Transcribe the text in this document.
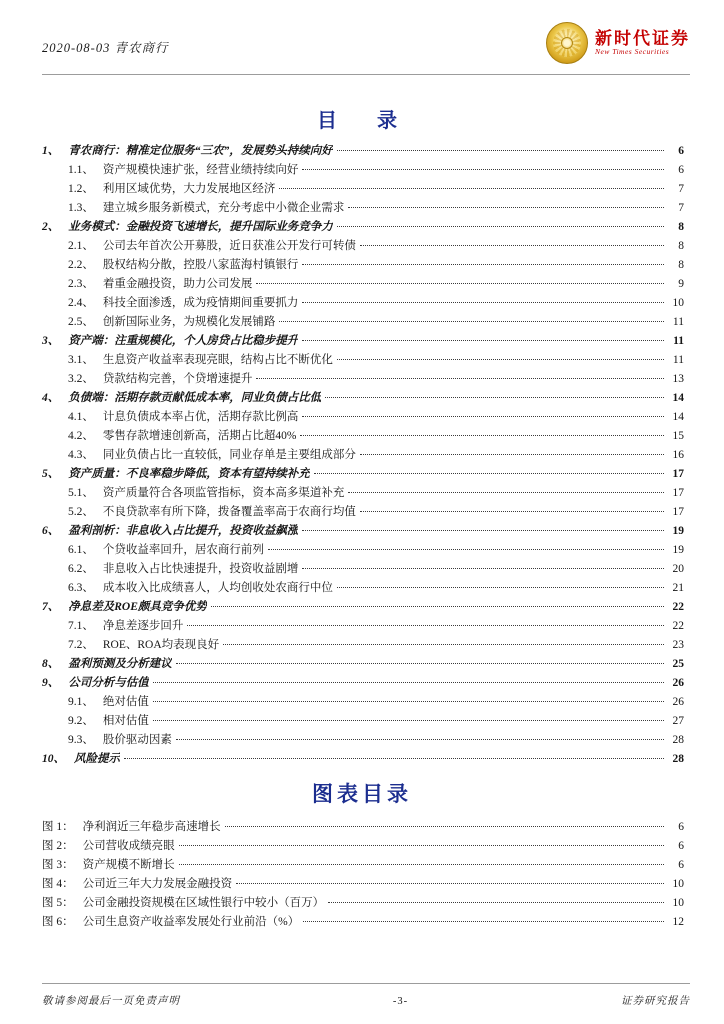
2020-08-03 青农商行
新时代证券
New Times Securities
目　录
1、 青农商行：精准定位服务“三农”，发展势头持续向好	6
1.1、 资产规模快速扩张，经营业绩持续向好	6
1.2、 利用区域优势，大力发展地区经济	7
1.3、 建立城乡服务新模式，充分考虑中小微企业需求	7
2、 业务模式：金融投资飞速增长，提升国际业务竞争力	8
2.1、 公司去年首次公开募股，近日获准公开发行可转债	8
2.2、 股权结构分散，控股八家蓝海村镇银行	8
2.3、 着重金融投资，助力公司发展	9
2.4、 科技全面渗透，成为疫情期间重要抓力	10
2.5、 创新国际业务，为规模化发展铺路	11
3、 资产端：注重规模化，个人房贷占比稳步提升	11
3.1、 生息资产收益率表现亮眼，结构占比不断优化	11
3.2、 贷款结构完善，个贷增速提升	13
4、 负债端：活期存款贡献低成本率，同业负债占比低	14
4.1、 计息负债成本率占优，活期存款比例高	14
4.2、 零售存款增速创新高，活期占比超40%	15
4.3、 同业负债占比一直较低，同业存单是主要组成部分	16
5、 资产质量：不良率稳步降低，资本有望持续补充	17
5.1、 资产质量符合各项监管指标，资本高多渠道补充	17
5.2、 不良贷款率有所下降，拨备覆盖率高于农商行均值	17
6、 盈利剖析：非息收入占比提升，投资收益飙涨	19
6.1、 个贷收益率回升，居农商行前列	19
6.2、 非息收入占比快速提升，投资收益剧增	20
6.3、 成本收入比成绩喜人，人均创收处农商行中位	21
7、 净息差及ROE颇具竞争优势	22
7.1、 净息差逐步回升	22
7.2、 ROE、ROA均表现良好	23
8、 盈利预测及分析建议	25
9、 公司分析与估值	26
9.1、 绝对估值	26
9.2、 相对估值	27
9.3、 股价驱动因素	28
10、 风险提示	28
图表目录
图 1： 净利润近三年稳步高速增长	6
图 2： 公司营收成绩亮眼	6
图 3： 资产规模不断增长	6
图 4： 公司近三年大力发展金融投资	10
图 5： 公司金融投资规模在区域性银行中较小（百万）	10
图 6： 公司生息资产收益率发展处行业前沿（%）	12
敬请参阅最后一页免责声明	-3-	证券研究报告
